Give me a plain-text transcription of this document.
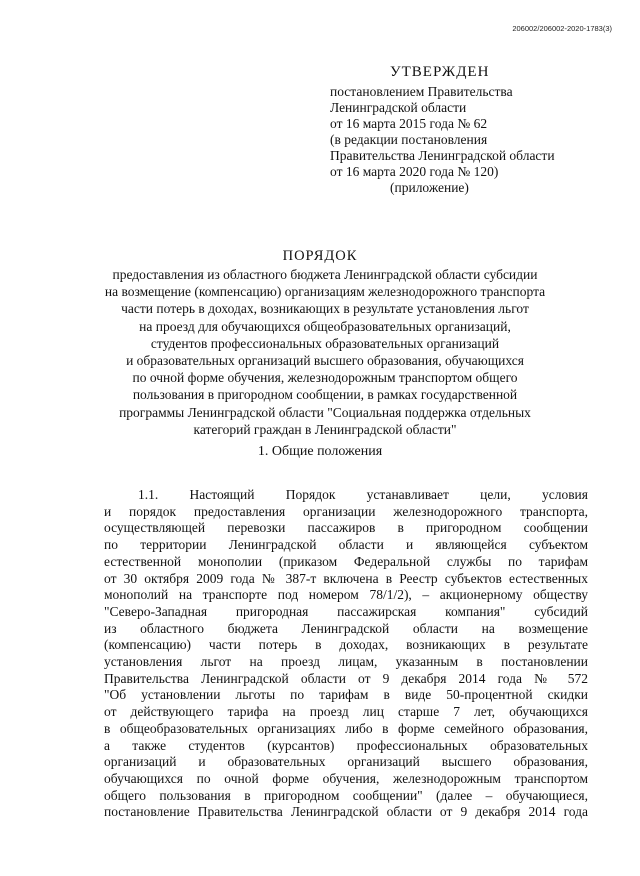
206002/206002-2020-1783(3)
УТВЕРЖДЕН
постановлением Правительства
Ленинградской области
от 16 марта 2015 года № 62
(в редакции постановления
Правительства Ленинградской области
от 16 марта 2020 года № 120)
(приложение)
ПОРЯДОК
предоставления из областного бюджета Ленинградской области субсидии
на возмещение (компенсацию) организациям железнодорожного транспорта
части потерь в доходах, возникающих в результате установления льгот
на проезд для обучающихся общеобразовательных организаций,
студентов профессиональных образовательных организаций
и образовательных организаций высшего образования, обучающихся
по очной форме обучения, железнодорожным транспортом общего
пользования в пригородном сообщении, в рамках государственной
программы Ленинградской области "Социальная поддержка отдельных
категорий граждан в Ленинградской области"
1. Общие положения
1.1. Настоящий Порядок устанавливает цели, условия
и порядок предоставления организации железнодорожного транспорта,
осуществляющей перевозки пассажиров в пригородном сообщении
по территории Ленинградской области и являющейся субъектом
естественной монополии (приказом Федеральной службы по тарифам
от 30 октября 2009 года № 387-т включена в Реестр субъектов естественных
монополий на транспорте под номером 78/1/2), – акционерному обществу
"Северо-Западная пригородная пассажирская компания" субсидий
из областного бюджета Ленинградской области на возмещение
(компенсацию) части потерь в доходах, возникающих в результате
установления льгот на проезд лицам, указанным в постановлении
Правительства Ленинградской области от 9 декабря 2014 года № 572
"Об установлении льготы по тарифам в виде 50-процентной скидки
от действующего тарифа на проезд лиц старше 7 лет, обучающихся
в общеобразовательных организациях либо в форме семейного образования,
а также студентов (курсантов) профессиональных образовательных
организаций и образовательных организаций высшего образования,
обучающихся по очной форме обучения, железнодорожным транспортом
общего пользования в пригородном сообщении" (далее – обучающиеся,
постановление Правительства Ленинградской области от 9 декабря 2014 года
